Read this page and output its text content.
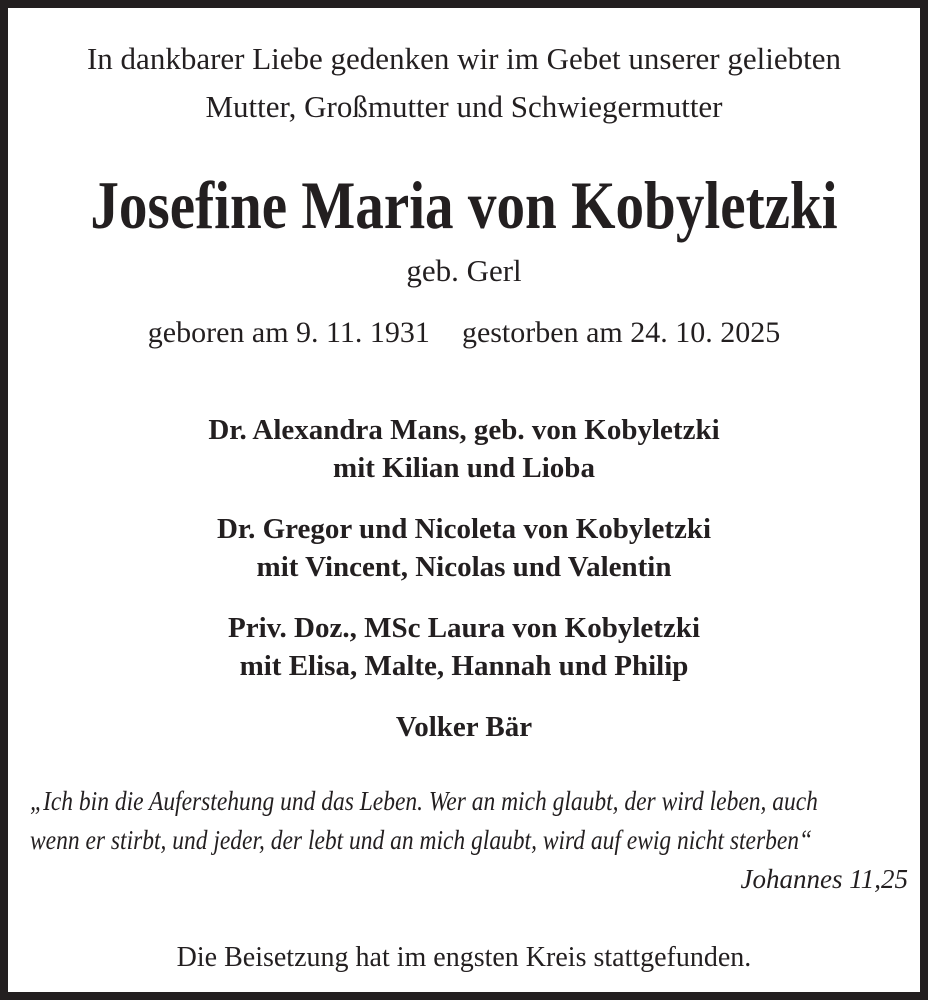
In dankbarer Liebe gedenken wir im Gebet unserer geliebten

Mutter, Großmutter und Schwiegermutter

Josefine Maria von Kobyletzki

geb. Gerl

geboren am 9. 11. 1931 gestorben am 24. 10. 2025
Dr. Alexandra Mans, geb. von Kobyletzki
mit Kilian und Lioba
Dr. Gregor und Nicoleta von Kobyletzki
mit Vincent, Nicolas und Valentin
Priv. Doz., MSc Laura von Kobyletzki
mit Elisa, Malte, Hannah und Philip
Volker Bär
„Ich bin die Auferstehung und das Leben. Wer an mich glaubt, der wird leben, auch
wenn er stirbt, und jeder, der lebt und an mich glaubt, wird auf ewig nicht sterben“
Johannes 11,25

Die Beisetzung hat im engsten Kreis stattgefunden.
